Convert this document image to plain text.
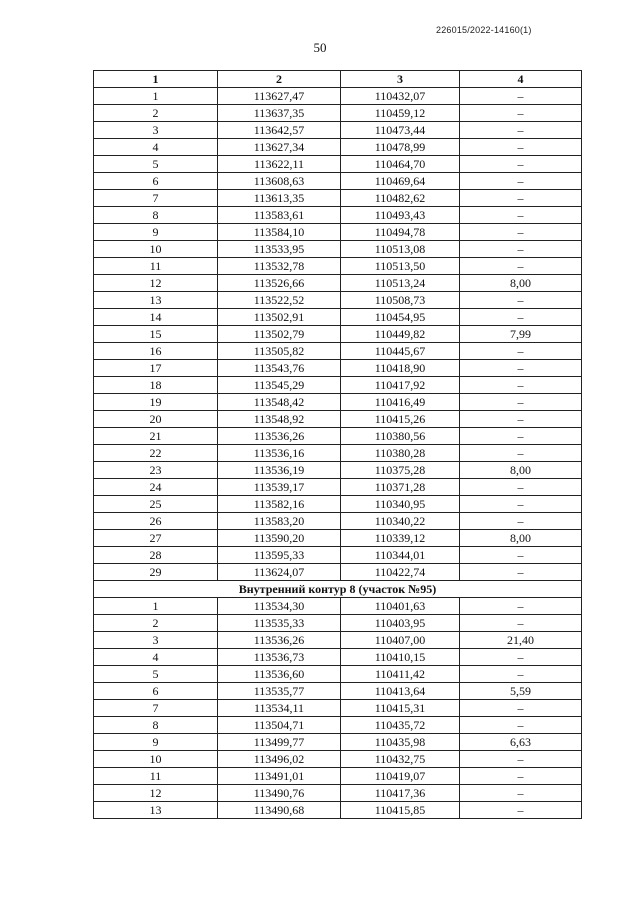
226015/2022-14160(1)
50
1	2	3	4
1	113627,47	110432,07	–
2	113637,35	110459,12	–
3	113642,57	110473,44	–
4	113627,34	110478,99	–
5	113622,11	110464,70	–
6	113608,63	110469,64	–
7	113613,35	110482,62	–
8	113583,61	110493,43	–
9	113584,10	110494,78	–
10	113533,95	110513,08	–
11	113532,78	110513,50	–
12	113526,66	110513,24	8,00
13	113522,52	110508,73	–
14	113502,91	110454,95	–
15	113502,79	110449,82	7,99
16	113505,82	110445,67	–
17	113543,76	110418,90	–
18	113545,29	110417,92	–
19	113548,42	110416,49	–
20	113548,92	110415,26	–
21	113536,26	110380,56	–
22	113536,16	110380,28	–
23	113536,19	110375,28	8,00
24	113539,17	110371,28	–
25	113582,16	110340,95	–
26	113583,20	110340,22	–
27	113590,20	110339,12	8,00
28	113595,33	110344,01	–
29	113624,07	110422,74	–
Внутренний контур 8 (участок №95)			
1	113534,30	110401,63	–
2	113535,33	110403,95	–
3	113536,26	110407,00	21,40
4	113536,73	110410,15	–
5	113536,60	110411,42	–
6	113535,77	110413,64	5,59
7	113534,11	110415,31	–
8	113504,71	110435,72	–
9	113499,77	110435,98	6,63
10	113496,02	110432,75	–
11	113491,01	110419,07	–
12	113490,76	110417,36	–
13	113490,68	110415,85	–
